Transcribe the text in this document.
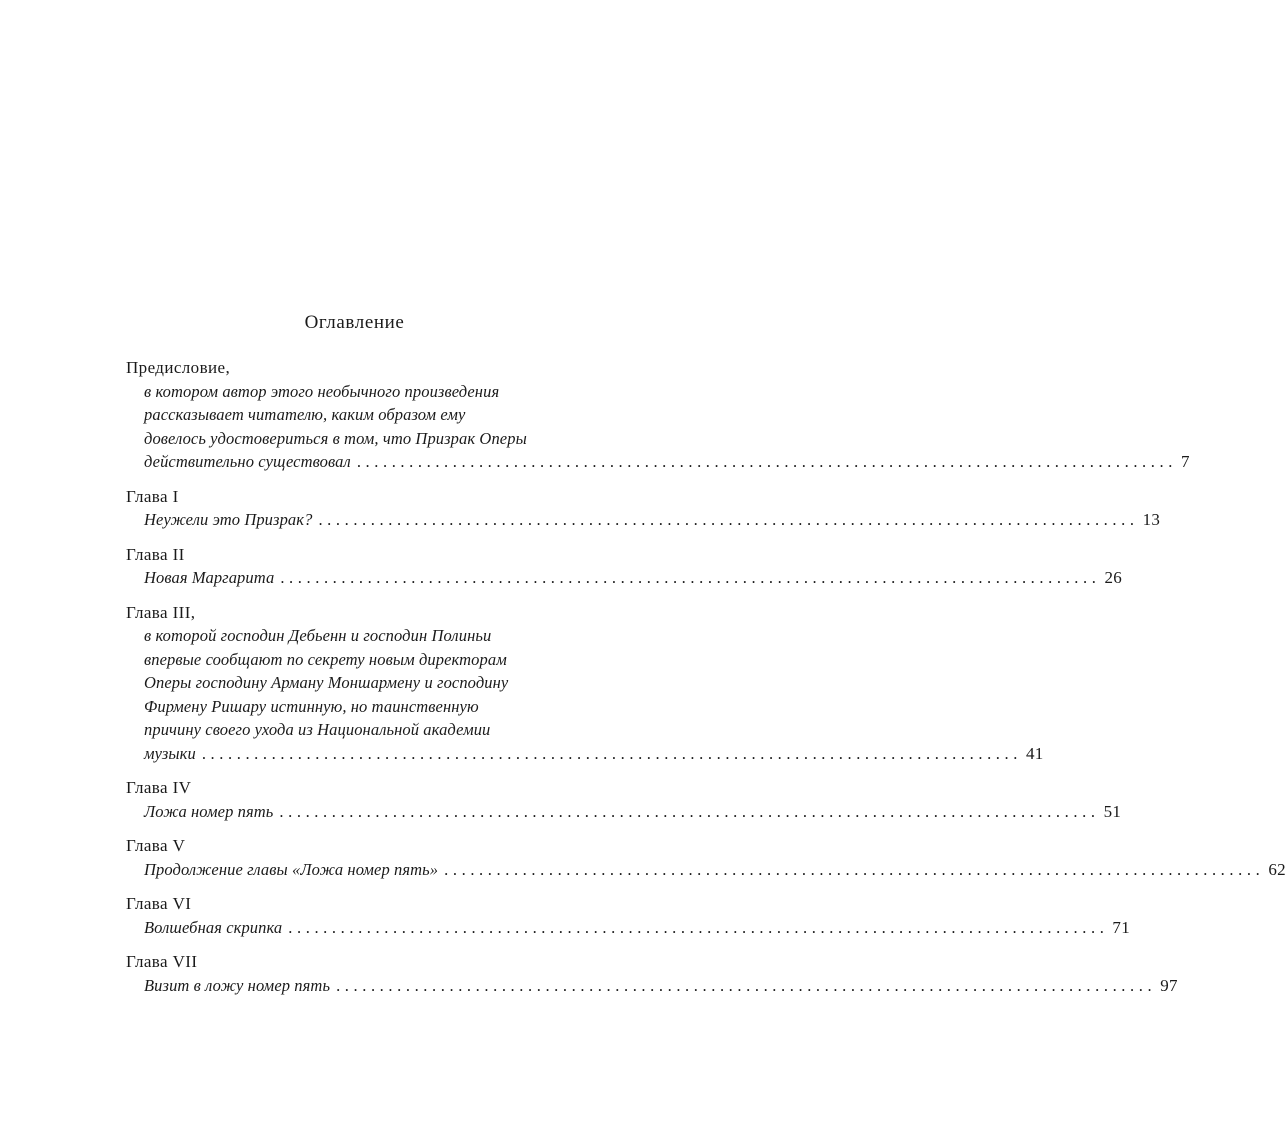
Оглавление
Предисловие,
в котором автор этого необычного произведения
рассказывает читателю, каким образом ему
довелось удостовериться в том, что Призрак Оперы
действительно существовал .............................................................................................. 7
Глава I
Неужели это Призрак? .............................................................................................. 13
Глава II
Новая Маргарита .............................................................................................. 26
Глава III,
в которой господин Дебьенн и господин Полиньи
впервые сообщают по секрету новым директорам
Оперы господину Арману Моншармену и господину
Фирмену Ришару истинную, но таинственную
причину своего ухода из Национальной академии
музыки .............................................................................................. 41
Глава IV
Ложа номер пять .............................................................................................. 51
Глава V
Продолжение главы «Ложа номер пять» .............................................................................................. 62
Глава VI
Волшебная скрипка .............................................................................................. 71
Глава VII
Визит в ложу номер пять .............................................................................................. 97
